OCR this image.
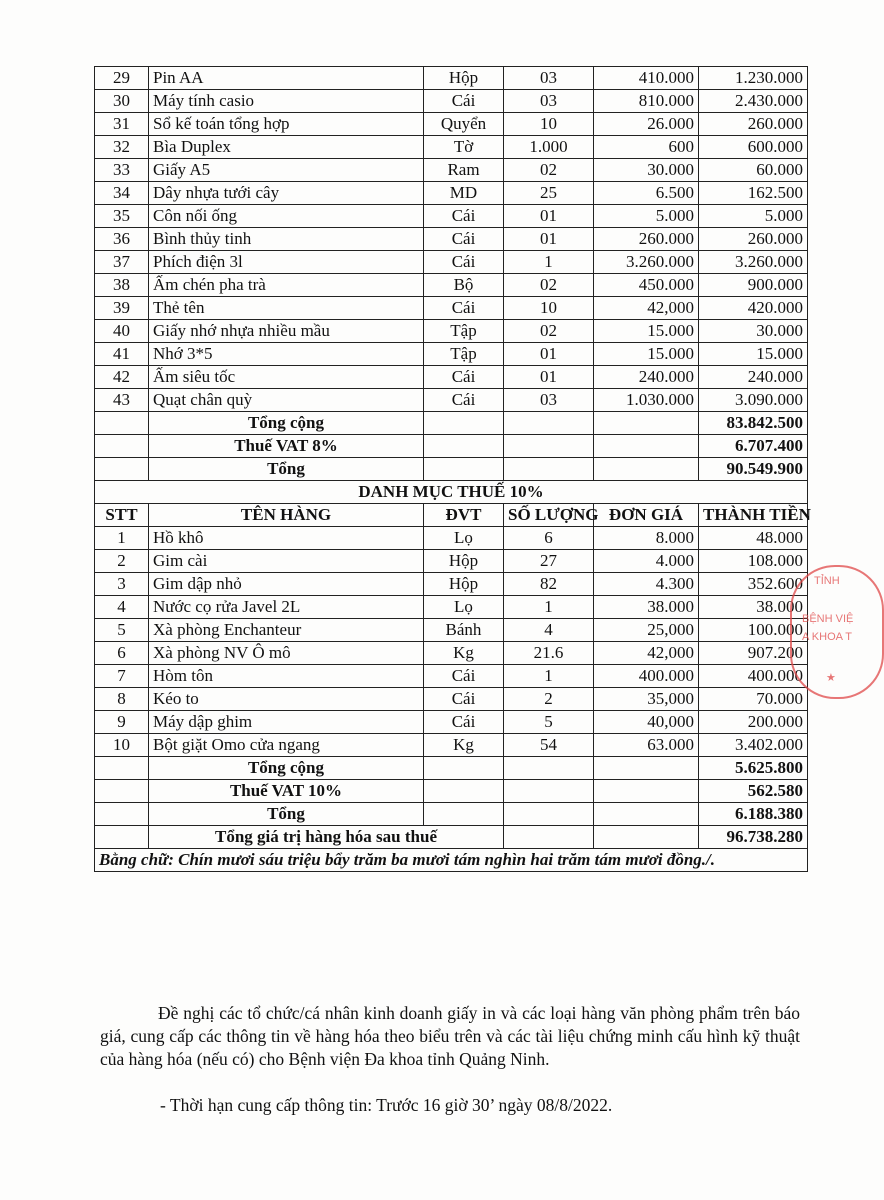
29	Pin AA	Hộp	03	410.000	1.230.000
30	Máy tính casio	Cái	03	810.000	2.430.000
31	Sổ kế toán tổng hợp	Quyển	10	26.000	260.000
32	Bìa Duplex	Tờ	1.000	600	600.000
33	Giấy A5	Ram	02	30.000	60.000
34	Dây nhựa tưới cây	MD	25	6.500	162.500
35	Côn nối ống	Cái	01	5.000	5.000
36	Bình thủy tinh	Cái	01	260.000	260.000
37	Phích điện 3l	Cái	1	3.260.000	3.260.000
38	Ấm chén pha trà	Bộ	02	450.000	900.000
39	Thẻ tên	Cái	10	42,000	420.000
40	Giấy nhớ nhựa nhiều mầu	Tập	02	15.000	30.000
41	Nhớ 3*5	Tập	01	15.000	15.000
42	Ấm siêu tốc	Cái	01	240.000	240.000
43	Quạt chân quỳ	Cái	03	1.030.000	3.090.000
	Tổng cộng				83.842.500
	Thuế VAT 8%				6.707.400
	Tổng				90.549.900
DANH MỤC THUẾ 10%					
STT	TÊN HÀNG	ĐVT	SỐ LƯỢNG	ĐƠN GIÁ	THÀNH TIỀN
1	Hồ khô	Lọ	6	8.000	48.000
2	Gim cài	Hộp	27	4.000	108.000
3	Gim dập nhỏ	Hộp	82	4.300	352.600
4	Nước cọ rửa Javel 2L	Lọ	1	38.000	38.000
5	Xà phòng Enchanteur	Bánh	4	25,000	100.000
6	Xà phòng NV Ô mô	Kg	21.6	42,000	907.200
7	Hòm tôn	Cái	1	400.000	400.000
8	Kéo to	Cái	2	35,000	70.000
9	Máy dập ghim	Cái	5	40,000	200.000
10	Bột giặt Omo cửa ngang	Kg	54	63.000	3.402.000
	Tổng cộng				5.625.800
	Thuế VAT 10%				562.580
	Tổng				6.188.380
	Tổng giá trị hàng hóa sau thuế				96.738.280
Bằng chữ: Chín mươi sáu triệu bẩy trăm ba mươi tám nghìn hai trăm tám mươi đồng./.					
TỈNH
BỆNH VIỆ
A KHOA T
★
Đề nghị các tổ chức/cá nhân kinh doanh giấy in và các loại hàng văn phòng phẩm trên báo giá, cung cấp các thông tin về hàng hóa theo biểu trên và các tài liệu chứng minh cấu hình kỹ thuật của hàng hóa (nếu có) cho Bệnh viện Đa khoa tỉnh Quảng Ninh.
- Thời hạn cung cấp thông tin: Trước 16 giờ 30’ ngày 08/8/2022.
